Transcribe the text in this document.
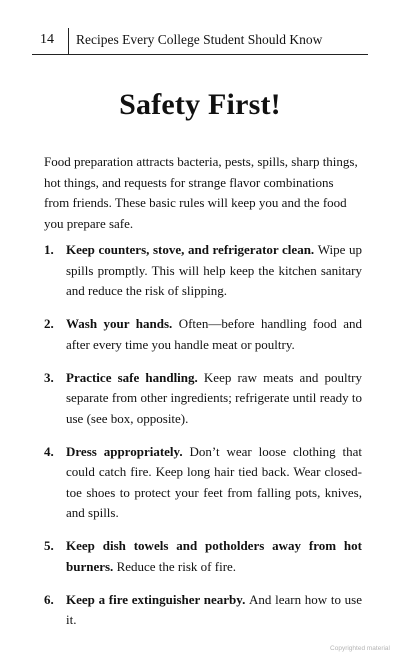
14 Recipes Every College Student Should Know
Safety First!

Food preparation attracts bacteria, pests, spills, sharp things, hot things, and requests for strange flavor combinations from friends. These basic rules will keep you and the food you prepare safe.

1. Keep counters, stove, and refrigerator clean. Wipe up spills promptly. This will help keep the kitchen sanitary and reduce the risk of slipping.
2. Wash your hands. Often—before handling food and after every time you handle meat or poultry.
3. Practice safe handling. Keep raw meats and poultry separate from other ingredients; refrigerate until ready to use (see box, opposite).
4. Dress appropriately. Don’t wear loose clothing that could catch fire. Keep long hair tied back. Wear closed-toe shoes to protect your feet from falling pots, knives, and spills.
5. Keep dish towels and potholders away from hot burners. Reduce the risk of fire.
6. Keep a fire extinguisher nearby. And learn how to use it.
Copyrighted material
